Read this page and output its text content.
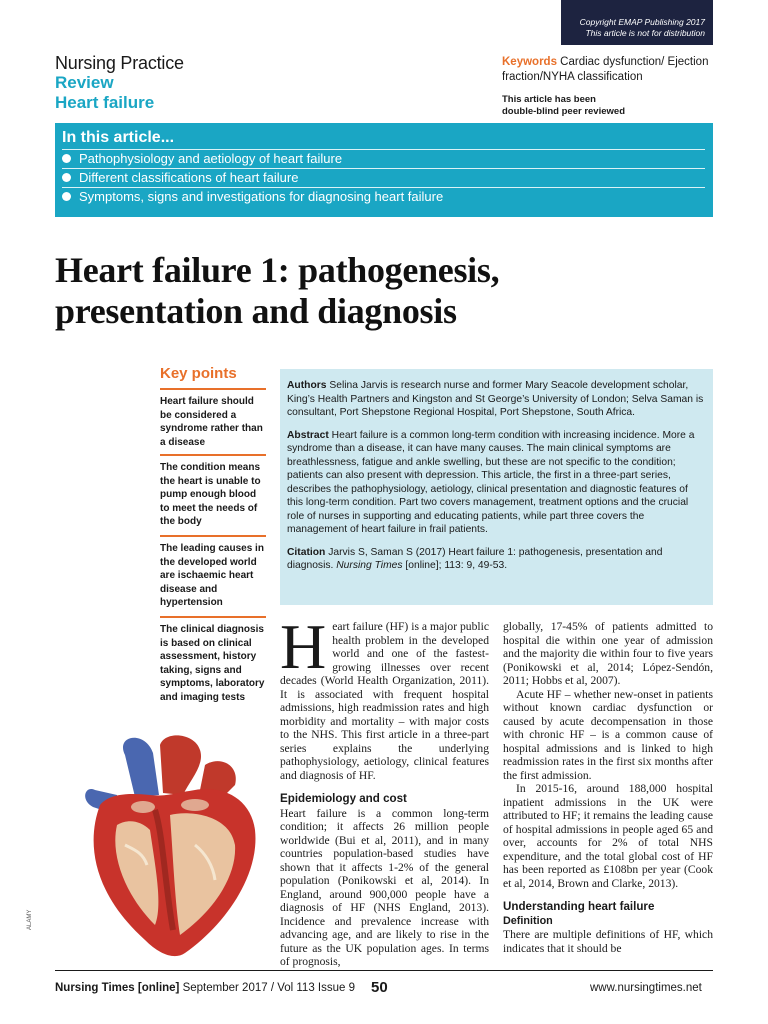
Copyright EMAP Publishing 2017
This article is not for distribution
Nursing Practice
Review
Heart failure
Keywords Cardiac dysfunction/ Ejection fraction/NYHA classification
This article has been
double-blind peer reviewed
In this article...
Pathophysiology and aetiology of heart failure
Different classifications of heart failure
Symptoms, signs and investigations for diagnosing heart failure
Heart failure 1: pathogenesis,
presentation and diagnosis
Key points
Heart failure should be considered a syndrome rather than a disease
The condition means the heart is unable to pump enough blood to meet the needs of the body
The leading causes in the developed world are ischaemic heart disease and hypertension
The clinical diagnosis is based on clinical assessment, history taking, signs and symptoms, laboratory and imaging tests
ALAMY

Authors Selina Jarvis is research nurse and former Mary Seacole development scholar, King’s Health Partners and Kingston and St George’s University of London; Selva Saman is consultant, Port Shepstone Regional Hospital, Port Shepstone, South Africa.

Abstract Heart failure is a common long-term condition with increasing incidence. More a syndrome than a disease, it can have many causes. The main clinical symptoms are breathlessness, fatigue and ankle swelling, but these are not specific to the condition; patients can also present with depression. This article, the first in a three-part series, describes the pathophysiology, aetiology, clinical presentation and diagnostic features of this long-term condition. Part two covers management, treatment options and the crucial role of nurses in supporting and educating patients, while part three covers the management of heart failure in frail patients.

Citation Jarvis S, Saman S (2017) Heart failure 1: pathogenesis, presentation and diagnosis. Nursing Times [online]; 113: 9, 49-53.

Heart failure (HF) is a major public health problem in the developed world and one of the fastest-growing illnesses over recent decades (World Health Organization, 2011). It is associated with frequent hospital admissions, high readmission rates and high morbidity and mortality – with major costs to the NHS. This first article in a three-part series explains the underlying pathophysiology, aetiology, clinical features and diagnosis of HF.

Epidemiology and cost

Heart failure is a common long-term condition; it affects 26 million people worldwide (Bui et al, 2011), and in many countries population-based studies have shown that it affects 1-2% of the general population (Ponikowski et al, 2014). In England, around 900,000 people have a diagnosis of HF (NHS England, 2013). Incidence and prevalence increase with advancing age, and are likely to rise in the future as the UK population ages. In terms of prognosis,

globally, 17-45% of patients admitted to hospital die within one year of admission and the majority die within four to five years (Ponikowski et al, 2014; López-Sendón, 2011; Hobbs et al, 2007).

Acute HF – whether new-onset in patients without known cardiac dysfunction or caused by acute decompensation in those with chronic HF – is a common cause of hospital admissions and is linked to high readmission rates in the first six months after the first admission.

In 2015-16, around 188,000 hospital inpatient admissions in the UK were attributed to HF; it remains the leading cause of hospital admissions in people aged 65 and over, accounts for 2% of total NHS expenditure, and the total global cost of HF has been reported as £108bn per year (Cook et al, 2014, Brown and Clarke, 2013).

Understanding heart failure
Definition

There are multiple definitions of HF, which indicates that it should be

Nursing Times [online] September 2017 / Vol 113 Issue 9 50	www.nursingtimes.net
